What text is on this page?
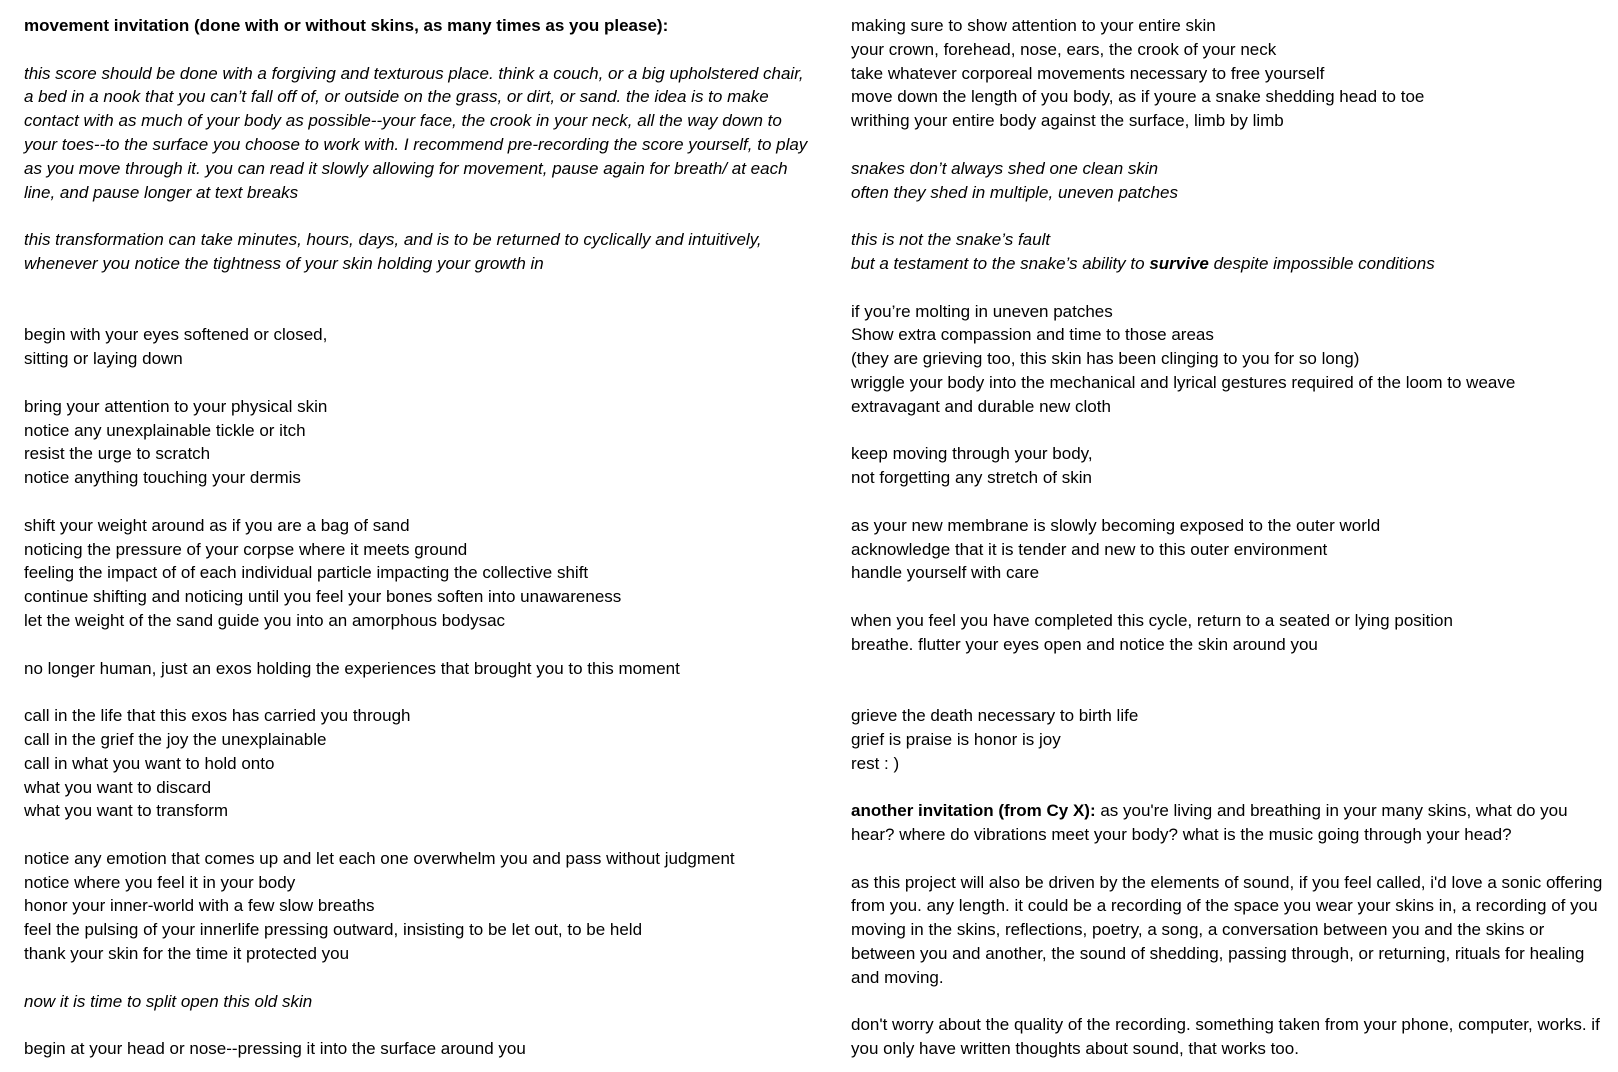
movement invitation (done with or without skins, as many times as you please):
this score should be done with a forgiving and texturous place. think a couch, or a big upholstered chair, a bed in a nook that you can’t fall off of, or outside on the grass, or dirt, or sand. the idea is to make contact with as much of your body as possible--your face, the crook in your neck, all the way down to your toes--to the surface you choose to work with. I recommend pre-recording the score yourself, to play as you move through it. you can read it slowly allowing for movement, pause again for breath/ at each line, and pause longer at text breaks
this transformation can take minutes, hours, days, and is to be returned to cyclically and intuitively, whenever you notice the tightness of your skin holding your growth in
begin with your eyes softened or closed,
sitting or laying down
bring your attention to your physical skin
notice any unexplainable tickle or itch
resist the urge to scratch
notice anything touching your dermis
shift your weight around as if you are a bag of sand
noticing the pressure of your corpse where it meets ground
feeling the impact of of each individual particle impacting the collective shift
continue shifting and noticing until you feel your bones soften into unawareness
let the weight of the sand guide you into an amorphous bodysac
no longer human, just an exos holding the experiences that brought you to this moment
call in the life that this exos has carried you through
call in the grief the joy the unexplainable
call in what you want to hold onto
what you want to discard
what you want to transform
notice any emotion that comes up and let each one overwhelm you and pass without judgment
notice where you feel it in your body
honor your inner-world with a few slow breaths
feel the pulsing of your innerlife pressing outward, insisting to be let out, to be held
thank your skin for the time it protected you
now it is time to split open this old skin
begin at your head or nose--pressing it into the surface around you
making sure to show attention to your entire skin
your crown, forehead, nose, ears, the crook of your neck
take whatever corporeal movements necessary to free yourself
move down the length of you body, as if youre a snake shedding head to toe
writhing your entire body against the surface, limb by limb
snakes don’t always shed one clean skin
often they shed in multiple, uneven patches
this is not the snake’s fault
but a testament to the snake’s ability to survive despite impossible conditions
if you’re molting in uneven patches
Show extra compassion and time to those areas
(they are grieving too, this skin has been clinging to you for so long)
wriggle your body into the mechanical and lyrical gestures required of the loom to weave
extravagant and durable new cloth
keep moving through your body,
not forgetting any stretch of skin
as your new membrane is slowly becoming exposed to the outer world
acknowledge that it is tender and new to this outer environment
handle yourself with care
when you feel you have completed this cycle, return to a seated or lying position
breathe. flutter your eyes open and notice the skin around you
grieve the death necessary to birth life
grief is praise is honor is joy
rest : )
another invitation (from Cy X): as you're living and breathing in your many skins, what do you hear? where do vibrations meet your body? what is the music going through your head?
as this project will also be driven by the elements of sound, if you feel called, i'd love a sonic offering from you. any length. it could be a recording of the space you wear your skins in, a recording of you moving in the skins, reflections, poetry, a song, a conversation between you and the skins or between you and another, the sound of shedding, passing through, or returning, rituals for healing and moving.
don't worry about the quality of the recording. something taken from your phone, computer, works. if you only have written thoughts about sound, that works too.
